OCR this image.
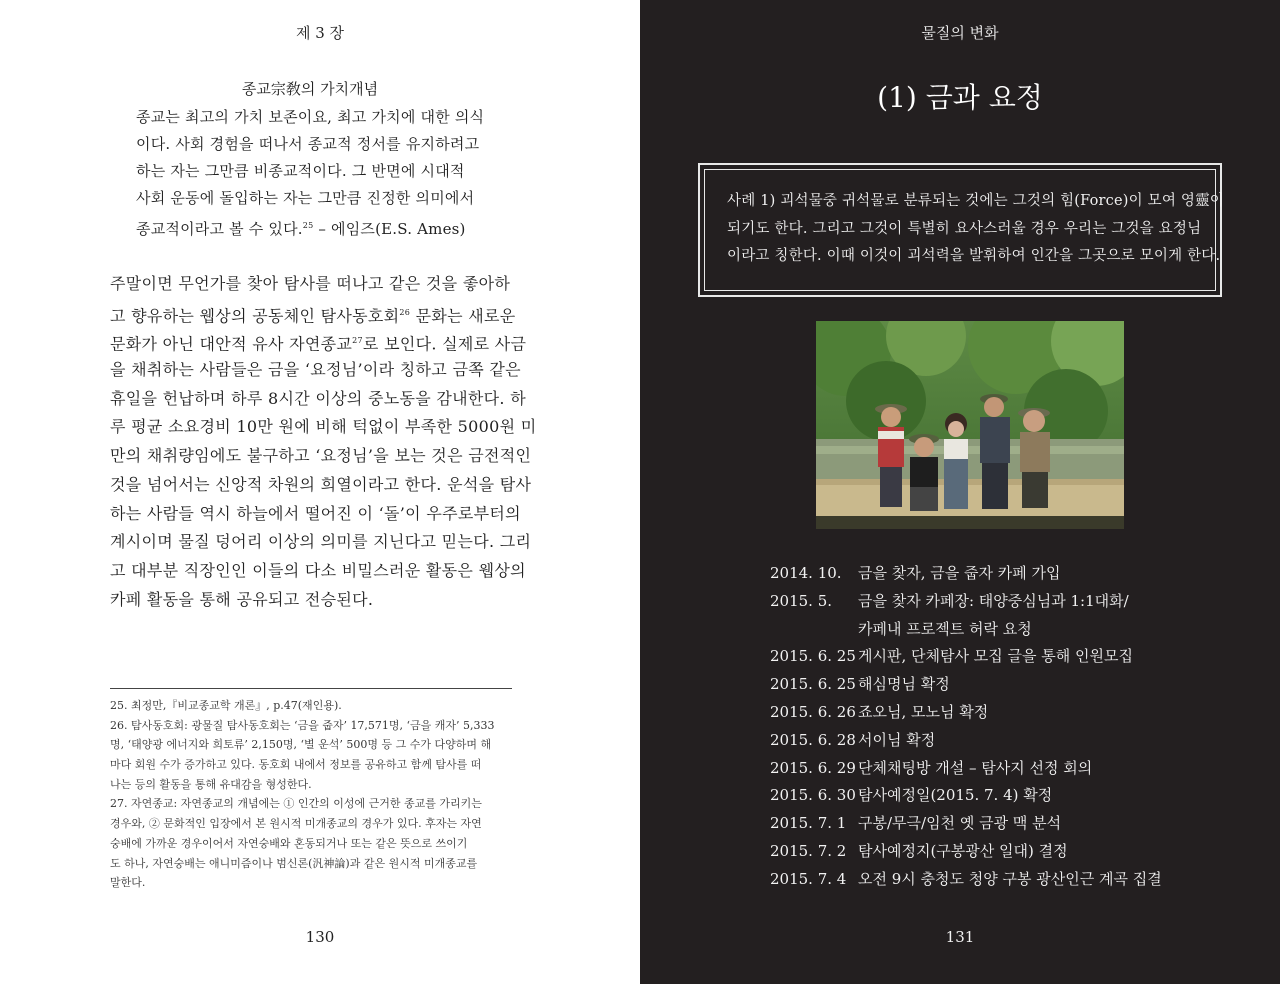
제 3 장
종교宗敎의 가치개념
종교는 최고의 가치 보존이요, 최고 가치에 대한 의식
이다. 사회 경험을 떠나서 종교적 정서를 유지하려고
하는 자는 그만큼 비종교적이다. 그 반면에 시대적
사회 운동에 돌입하는 자는 그만큼 진정한 의미에서
종교적이라고 볼 수 있다.$^{25}$ – 에임즈(E.S. Ames)
주말이면 무언가를 찾아 탐사를 떠나고 같은 것을 좋아하
고 향유하는 웹상의 공동체인 탐사동호회$^{26}$ 문화는 새로운
문화가 아닌 대안적 유사 자연종교$^{27}$로 보인다. 실제로 사금
을 채취하는 사람들은 금을 ‘요정님’이라 칭하고 금쪽 같은
휴일을 헌납하며 하루 8시간 이상의 중노동을 감내한다. 하
루 평균 소요경비 10만 원에 비해 턱없이 부족한 5000원 미
만의 채취량임에도 불구하고 ‘요정님’을 보는 것은 금전적인
것을 넘어서는 신앙적 차원의 희열이라고 한다. 운석을 탐사
하는 사람들 역시 하늘에서 떨어진 이 ‘돌’이 우주로부터의
계시이며 물질 덩어리 이상의 의미를 지닌다고 믿는다. 그리
고 대부분 직장인인 이들의 다소 비밀스러운 활동은 웹상의
카페 활동을 통해 공유되고 전승된다.
25. 최정만,『비교종교학 개론』, p.47(재인용).
26. 탐사동호회: 광물질 탐사동호회는 ‘금을 줍자’ 17,571명, ‘금을 캐자’ 5,333
명, ‘태양광 에너지와 희토류’ 2,150명, ‘별 운석’ 500명 등 그 수가 다양하며 해
마다 회원 수가 증가하고 있다. 동호회 내에서 정보를 공유하고 함께 탐사를 떠
나는 등의 활동을 통해 유대감을 형성한다.
27. 자연종교: 자연종교의 개념에는 ① 인간의 이성에 근거한 종교를 가리키는
경우와, ② 문화적인 입장에서 본 원시적 미개종교의 경우가 있다. 후자는 자연
숭배에 가까운 경우이어서 자연숭배와 혼동되거나 또는 같은 뜻으로 쓰이기
도 하나, 자연숭배는 애니미즘이나 범신론(汎神論)과 같은 원시적 미개종교를
말한다.
130
물질의 변화
(1) 금과 요정
사례 1) 괴석물중 귀석물로 분류되는 것에는 그것의 힘(Force)이 모여 영靈이
되기도 한다. 그리고 그것이 특별히 요사스러울 경우 우리는 그것을 요정님
이라고 칭한다. 이때 이것이 괴석력을 발휘하여 인간을 그곳으로 모이게 한다.
2014. 10.	금을 찾자, 금을 줍자 카페 가입
2015. 5.	금을 찾자 카페장: 태양중심님과 1:1대화/
카페내 프로젝트 허락 요청
2015. 6. 25 게시판, 단체탐사 모집 글을 통해 인원모집
2015. 6. 25 해심명님 확정
2015. 6. 26 죠오님, 모노님 확정
2015. 6. 28 서이님 확정
2015. 6. 29 단체채팅방 개설 – 탐사지 선정 회의
2015. 6. 30 탐사예정일(2015. 7. 4) 확정
2015. 7. 1 구봉/무극/임천 옛 금광 맥 분석
2015. 7. 2 탐사예정지(구봉광산 일대) 결정
2015. 7. 4 오전 9시 충청도 청양 구봉 광산인근 계곡 집결
131
